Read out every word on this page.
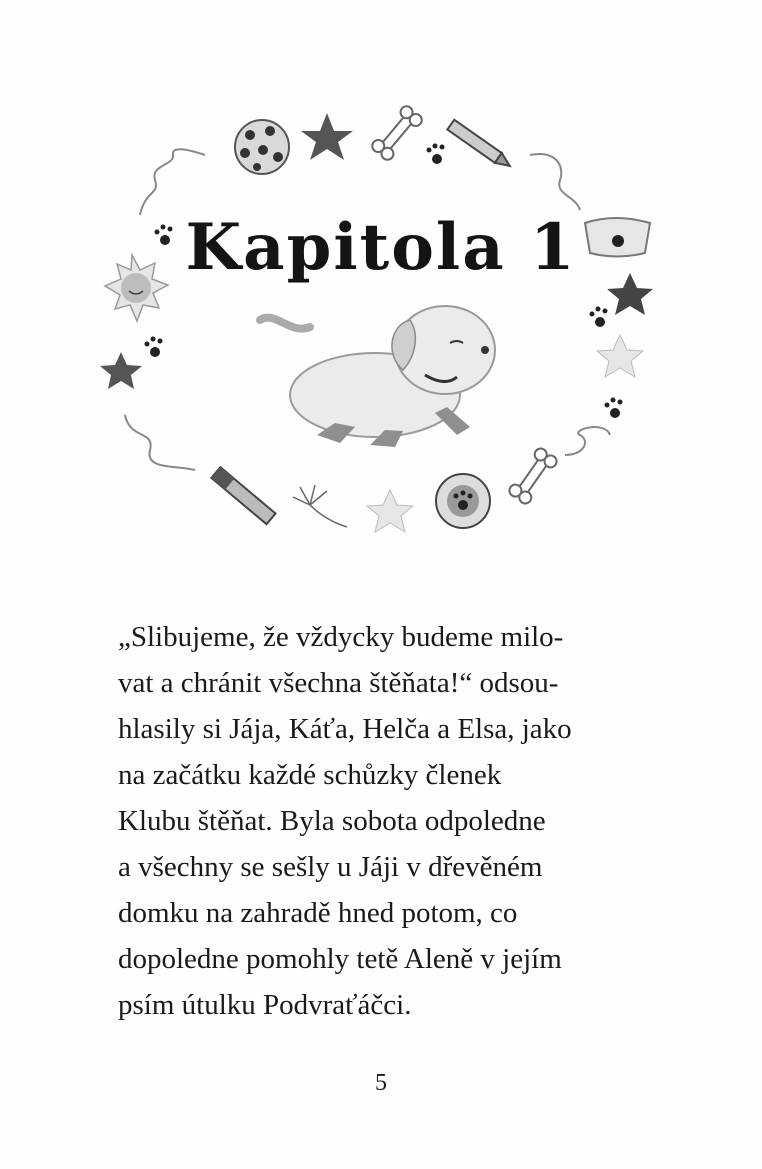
Kapitola 1
„Slibujeme, že vždycky budeme milo-
vat a chránit všechna štěňata!“ odsou-
hlasily si Jája, Káťa, Helča a Elsa, jako
na začátku každé schůzky členek
Klubu štěňat. Byla sobota odpoledne
a všechny se sešly u Jáji v dřevěném
domku na zahradě hned potom, co
dopoledne pomohly tetě Aleně v jejím
psím útulku Podvraťáčci.
5
